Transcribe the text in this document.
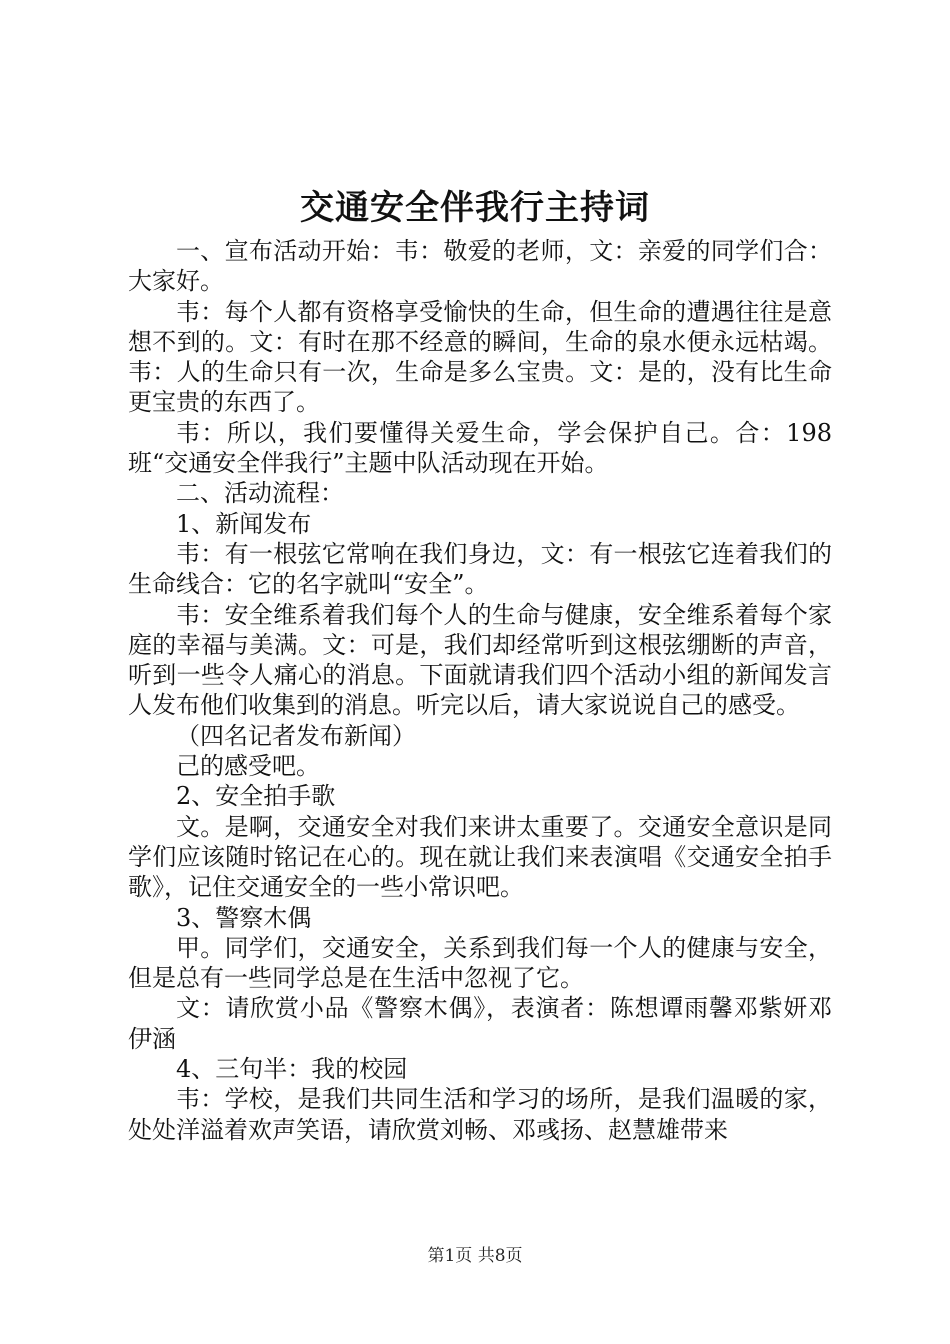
交通安全伴我行主持词

一、宣布活动开始：韦：敬爱的老师，文：亲爱的同学们合：大家好。

韦：每个人都有资格享受愉快的生命，但生命的遭遇往往是意想不到的。文：有时在那不经意的瞬间，生命的泉水便永远枯竭。韦：人的生命只有一次，生命是多么宝贵。文：是的，没有比生命更宝贵的东西了。

韦：所以，我们要懂得关爱生命，学会保护自己。合：198班“交通安全伴我行”主题中队活动现在开始。

二、活动流程：

1、新闻发布

韦：有一根弦它常响在我们身边，文：有一根弦它连着我们的生命线合：它的名字就叫“安全”。

韦：安全维系着我们每个人的生命与健康，安全维系着每个家庭的幸福与美满。文：可是，我们却经常听到这根弦绷断的声音，听到一些令人痛心的消息。下面就请我们四个活动小组的新闻发言人发布他们收集到的消息。听完以后，请大家说说自己的感受。

（四名记者发布新闻）

己的感受吧。

2、安全拍手歌

文。是啊，交通安全对我们来讲太重要了。交通安全意识是同学们应该随时铭记在心的。现在就让我们来表演唱《交通安全拍手歌》，记住交通安全的一些小常识吧。

3、警察木偶

甲。同学们，交通安全，关系到我们每一个人的健康与安全，但是总有一些同学总是在生活中忽视了它。

文：请欣赏小品《警察木偶》，表演者：陈想谭雨馨邓紫妍邓伊涵

4、三句半：我的校园

韦：学校，是我们共同生活和学习的场所，是我们温暖的家，处处洋溢着欢声笑语，请欣赏刘畅、邓彧扬、赵慧雄带来

第1页 共8页
